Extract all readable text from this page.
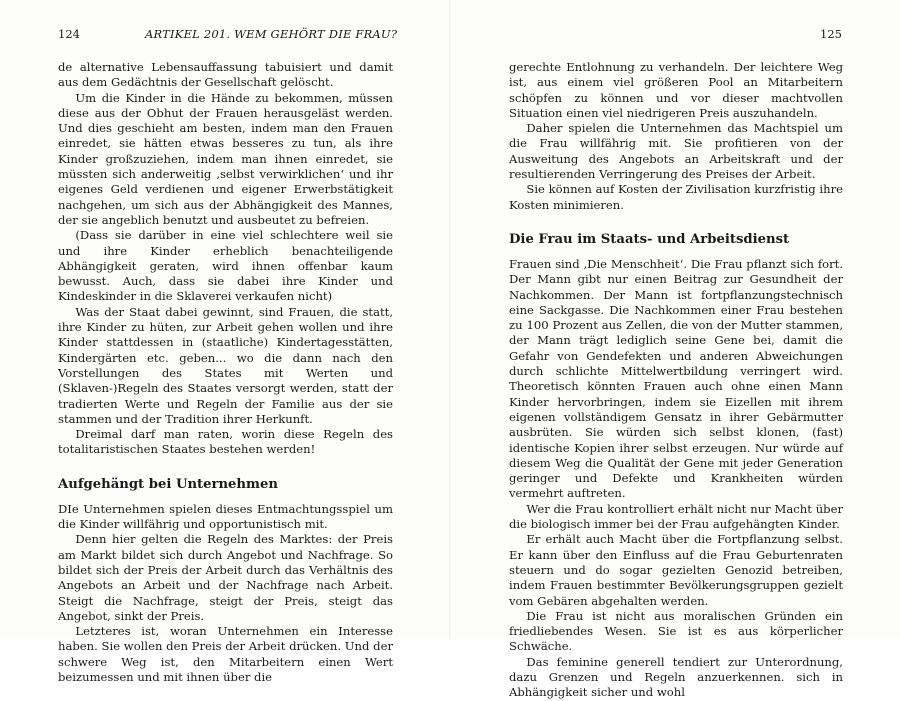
124	ARTIKEL 201. WEM GEHÖRT DIE FRAU?

de alternative Lebensauffassung tabuisiert und damit aus dem Gedächtnis der Gesellschaft gelöscht.

Um die Kinder in die Hände zu bekommen, müssen diese aus der Obhut der Frauen herausgeläst werden. Und dies geschieht am besten, indem man den Frauen einredet, sie hätten etwas besseres zu tun, als ihre Kinder großzuziehen, indem man ihnen einredet, sie müssten sich anderweitig ‚selbst verwirklichen‘ und ihr eigenes Geld verdienen und eigener Erwerbstätigkeit nachgehen, um sich aus der Abhängigkeit des Mannes, der sie angeblich benutzt und ausbeutet zu befreien.

(Dass sie darüber in eine viel schlechtere weil sie und ihre Kinder erheblich benachteiligende Abhängigkeit geraten, wird ihnen offenbar kaum bewusst. Auch, dass sie dabei ihre Kinder und Kindeskinder in die Sklaverei verkaufen nicht)

Was der Staat dabei gewinnt, sind Frauen, die statt, ihre Kinder zu hüten, zur Arbeit gehen wollen und ihre Kinder stattdessen in (staatliche) Kindertagesstätten, Kindergärten etc. geben... wo die dann nach den Vorstellungen des States mit Werten und (Sklaven-)Regeln des Staates versorgt werden, statt der tradierten Werte und Regeln der Familie aus der sie stammen und der Tradition ihrer Herkunft.

Dreimal darf man raten, worin diese Regeln des totalitaristischen Staates bestehen werden!

Aufgehängt bei Unternehmen

DIe Unternehmen spielen dieses Entmachtungsspiel um die Kinder willfährig und opportunistisch mit.

Denn hier gelten die Regeln des Marktes: der Preis am Markt bildet sich durch Angebot und Nachfrage. So bildet sich der Preis der Arbeit durch das Verhältnis des Angebots an Arbeit und der Nachfrage nach Arbeit. Steigt die Nachfrage, steigt der Preis, steigt das Angebot, sinkt der Preis.

Letzteres ist, woran Unternehmen ein Interesse haben. Sie wollen den Preis der Arbeit drücken. Und der schwere Weg ist, den Mitarbeitern einen Wert beizumessen und mit ihnen über die

125

gerechte Entlohnung zu verhandeln. Der leichtere Weg ist, aus einem viel größeren Pool an Mitarbeitern schöpfen zu können und vor dieser machtvollen Situation einen viel niedrigeren Preis auszuhandeln.

Daher spielen die Unternehmen das Machtspiel um die Frau willfährig mit. Sie profitieren von der Ausweitung des Angebots an Arbeitskraft und der resultierenden Verringerung des Preises der Arbeit.

Sie können auf Kosten der Zivilisation kurzfristig ihre Kosten minimieren.

Die Frau im Staats- und Arbeitsdienst

Frauen sind ‚Die Menschheit‘. Die Frau pflanzt sich fort. Der Mann gibt nur einen Beitrag zur Gesundheit der Nachkommen. Der Mann ist fortpflanzungstechnisch eine Sackgasse. Die Nachkommen einer Frau bestehen zu 100 Prozent aus Zellen, die von der Mutter stammen, der Mann trägt lediglich seine Gene bei, damit die Gefahr von Gendefekten und anderen Abweichungen durch schlichte Mittelwertbildung verringert wird. Theoretisch könnten Frauen auch ohne einen Mann Kinder hervorbringen, indem sie Eizellen mit ihrem eigenen vollständigem Gensatz in ihrer Gebärmutter ausbrüten. Sie würden sich selbst klonen, (fast) identische Kopien ihrer selbst erzeugen. Nur würde auf diesem Weg die Qualität der Gene mit jeder Generation geringer und Defekte und Krankheiten würden vermehrt auftreten.

Wer die Frau kontrolliert erhält nicht nur Macht über die biologisch immer bei der Frau aufgehängten Kinder.

Er erhält auch Macht über die Fortpflanzung selbst. Er kann über den Einfluss auf die Frau Geburtenraten steuern und do sogar gezielten Genozid betreiben, indem Frauen bestimmter Bevölkerungsgruppen gezielt vom Gebären abgehalten werden.

Die Frau ist nicht aus moralischen Gründen ein friedliebendes Wesen. Sie ist es aus körperlicher Schwäche.

Das feminine generell tendiert zur Unterordnung, dazu Grenzen und Regeln anzuerkennen. sich in Abhängigkeit sicher und wohl
